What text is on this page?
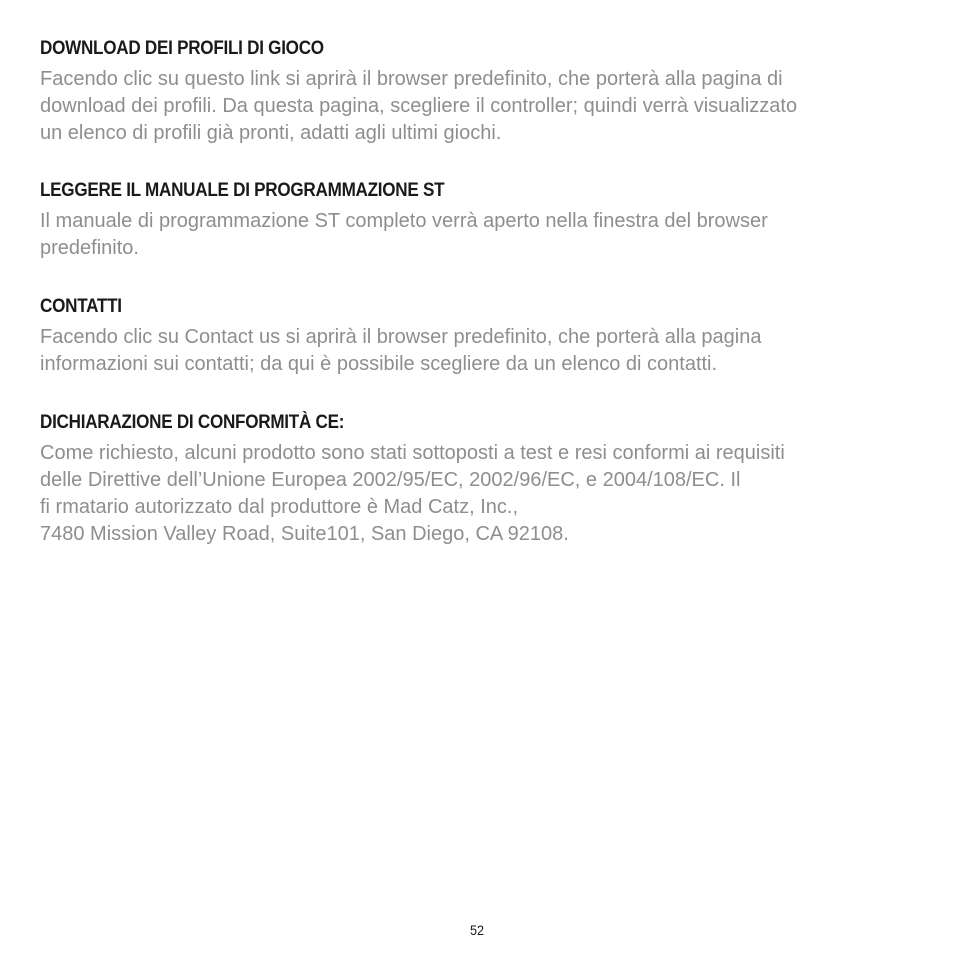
DOWNLOAD DEI PROFILI DI GIOCO

Facendo clic su questo link si aprirà il browser predefinito, che porterà alla pagina di
download dei profili. Da questa pagina, scegliere il controller; quindi verrà visualizzato
un elenco di profili già pronti, adatti agli ultimi giochi.

LEGGERE IL MANUALE DI PROGRAMMAZIONE ST

Il manuale di programmazione ST completo verrà aperto nella finestra del browser
predefinito.

CONTATTI

Facendo clic su Contact us si aprirà il browser predefinito, che porterà alla pagina
informazioni sui contatti; da qui è possibile scegliere da un elenco di contatti.

DICHIARAZIONE DI CONFORMITÀ CE:

Come richiesto, alcuni prodotto sono stati sottoposti a test e resi conformi ai requisiti
delle Direttive dell’Unione Europea 2002/95/EC, 2002/96/EC, e 2004/108/EC. Il
fi rmatario autorizzato dal produttore è Mad Catz, Inc.,
7480 Mission Valley Road, Suite101, San Diego, CA 92108.

52
